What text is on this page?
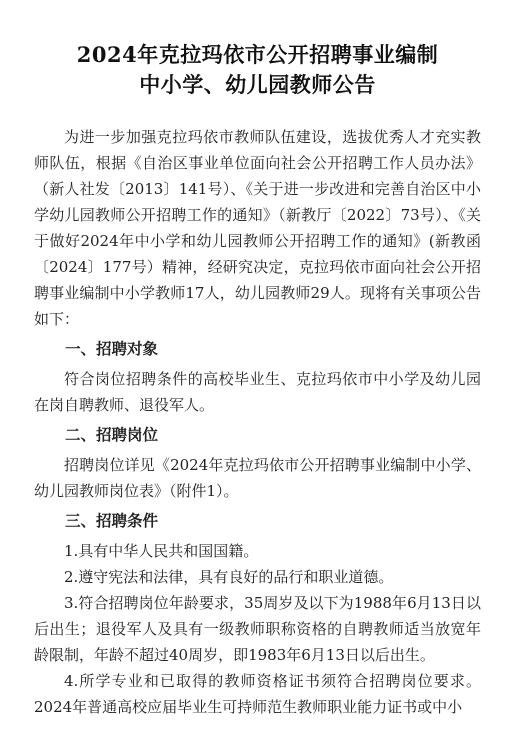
2024年克拉玛依市公开招聘事业编制
中小学、幼儿园教师公告

为进一步加强克拉玛依市教师队伍建设，选拔优秀人才充实教师队伍，根据《自治区事业单位面向社会公开招聘工作人员办法》（新人社发〔2013〕141号）、《关于进一步改进和完善自治区中小学幼儿园教师公开招聘工作的通知》（新教厅〔2022〕73号）、《关于做好2024年中小学和幼儿园教师公开招聘工作的通知》(新教函〔2024〕177号）精神，经研究决定，克拉玛依市面向社会公开招聘事业编制中小学教师17人，幼儿园教师29人。现将有关事项公告如下：

一、招聘对象

符合岗位招聘条件的高校毕业生、克拉玛依市中小学及幼儿园在岗自聘教师、退役军人。

二、招聘岗位

招聘岗位详见《2024年克拉玛依市公开招聘事业编制中小学、幼儿园教师岗位表》（附件1）。

三、招聘条件

1.具有中华人民共和国国籍。

2.遵守宪法和法律，具有良好的品行和职业道德。

3.符合招聘岗位年龄要求，35周岁及以下为1988年6月13日以后出生；退役军人及具有一级教师职称资格的自聘教师适当放宽年龄限制，年龄不超过40周岁，即1983年6月13日以后出生。

4.所学专业和已取得的教师资格证书须符合招聘岗位要求。2024年普通高校应届毕业生可持师范生教师职业能力证书或中小
